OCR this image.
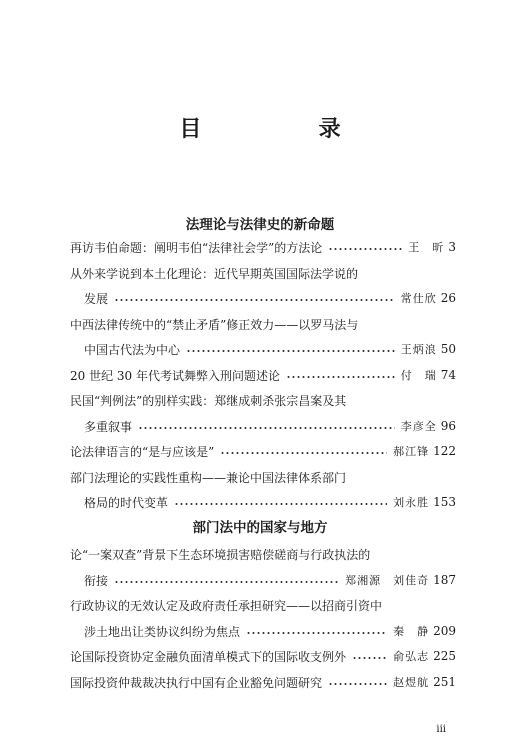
目  录
法理论与法律史的新命题
再访韦伯命题：阐明韦伯“法律社会学”的方法论	王　昕 3
从外来学说到本土化理论：近代早期英国国际法学说的
发展	常仕欣 26
中西法律传统中的“禁止矛盾”修正效力——以罗马法与
中国古代法为中心	王炳浪 50
20 世纪 30 年代考试舞弊入刑问题述论	付　瑞 74
民国“判例法”的别样实践：郑继成刺杀张宗昌案及其
多重叙事	李彦全 96
论法律语言的“是与应该是”	郝江锋 122
部门法理论的实践性重构——兼论中国法律体系部门
格局的时代变革	刘永胜 153
部门法中的国家与地方
论“一案双查”背景下生态环境损害赔偿磋商与行政执法的
衔接	郑湘源　刘佳奇 187
行政协议的无效认定及政府责任承担研究——以招商引资中
涉土地出让类协议纠纷为焦点	秦　静 209
论国际投资协定金融负面清单模式下的国际收支例外	俞弘志 225
国际投资仲裁裁决执行中国有企业豁免问题研究	赵煜航 251
iii
